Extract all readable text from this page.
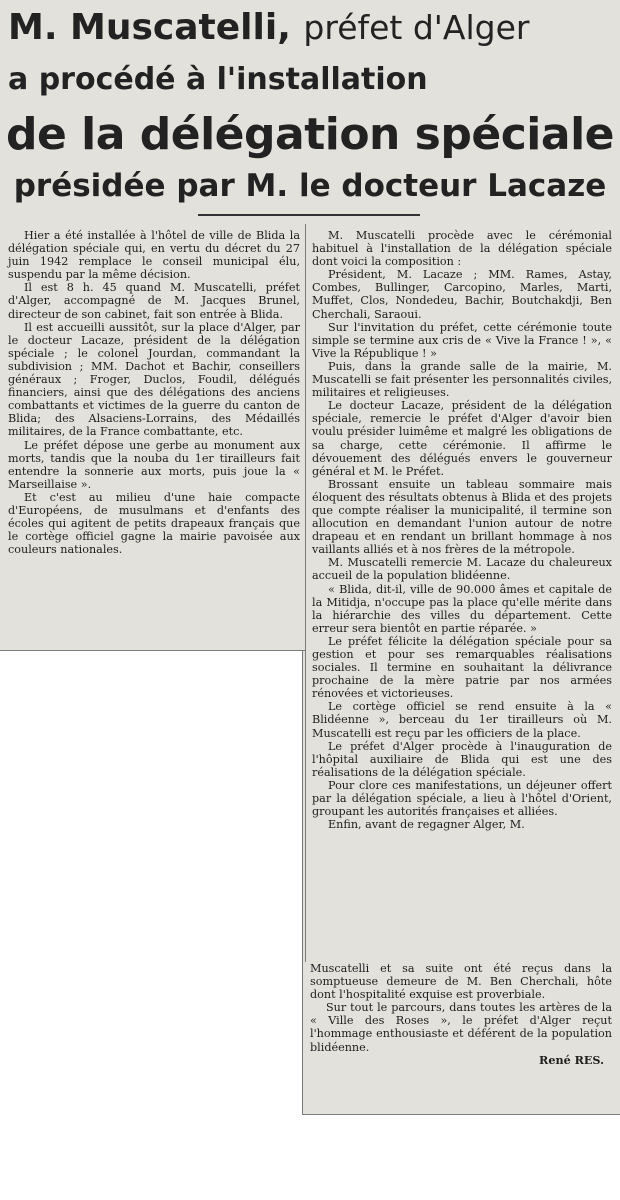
M. Muscatelli, préfet d'Alger
a procédé à l'installation
de la délégation spéciale
présidée par M. le docteur Lacaze

Hier a été installée à l'hôtel de ville de Blida la délégation spéciale qui, en vertu du décret du 27 juin 1942 remplace le conseil municipal élu, suspendu par la même décision.

Il est 8 h. 45 quand M. Muscatelli, préfet d'Alger, accompagné de M. Jacques Brunel, directeur de son cabinet, fait son entrée à Blida.

Il est accueilli aussitôt, sur la place d'Alger, par le docteur Lacaze, président de la délégation spéciale ; le colonel Jourdan, commandant la subdivision ; MM. Dachot et Bachir, conseillers généraux ; Froger, Duclos, Foudil, délégués financiers, ainsi que des délégations des anciens combattants et victimes de la guerre du canton de Blida; des Alsaciens-Lorrains, des Médaillés militaires, de la France combattante, etc.

Le préfet dépose une gerbe au monument aux morts, tandis que la nouba du 1er tirailleurs fait entendre la sonnerie aux morts, puis joue la « Marseillaise ».

Et c'est au milieu d'une haie compacte d'Européens, de musulmans et d'enfants des écoles qui agitent de petits drapeaux français que le cortège officiel gagne la mairie pavoisée aux couleurs nationales.

M. Muscatelli procède avec le cérémonial habituel à l'installation de la délégation spéciale dont voici la composition :

Président, M. Lacaze ; MM. Rames, Astay, Combes, Bullinger, Carcopino, Marles, Marti, Muffet, Clos, Nondedeu, Bachir, Boutchakdji, Ben Cherchali, Saraoui.

Sur l'invitation du préfet, cette cérémonie toute simple se termine aux cris de « Vive la France ! », « Vive la République ! »

Puis, dans la grande salle de la mairie, M. Muscatelli se fait présenter les personnalités civiles, militaires et religieuses.

Le docteur Lacaze, président de la délégation spéciale, remercie le préfet d'Alger d'avoir bien voulu présider luimême et malgré les obligations de sa charge, cette cérémonie. Il affirme le dévouement des délégués envers le gouverneur général et M. le Préfet.

Brossant ensuite un tableau sommaire mais éloquent des résultats obtenus à Blida et des projets que compte réaliser la municipalité, il termine son allocution en demandant l'union autour de notre drapeau et en rendant un brillant hommage à nos vaillants alliés et à nos frères de la métropole.

M. Muscatelli remercie M. Lacaze du chaleureux accueil de la population blidéenne.

« Blida, dit-il, ville de 90.000 âmes et capitale de la Mitidja, n'occupe pas la place qu'elle mérite dans la hiérarchie des villes du département. Cette erreur sera bientôt en partie réparée. »

Le préfet félicite la délégation spéciale pour sa gestion et pour ses remarquables réalisations sociales. Il termine en souhaitant la délivrance prochaine de la mère patrie par nos armées rénovées et victorieuses.

Le cortège officiel se rend ensuite à la « Blidéenne », berceau du 1er tirailleurs où M. Muscatelli est reçu par les officiers de la place.

Le préfet d'Alger procède à l'inauguration de l'hôpital auxiliaire de Blida qui est une des réalisations de la délégation spéciale.

Pour clore ces manifestations, un déjeuner offert par la délégation spéciale, a lieu à l'hôtel d'Orient, groupant les autorités françaises et alliées.

Enfin, avant de regagner Alger, M.

Muscatelli et sa suite ont été reçus dans la somptueuse demeure de M. Ben Cherchali, hôte dont l'hospitalité exquise est proverbiale.

Sur tout le parcours, dans toutes les artères de la « Ville des Roses », le préfet d'Alger reçut l'hommage enthousiaste et déférent de la population blidéenne.

René RES.
